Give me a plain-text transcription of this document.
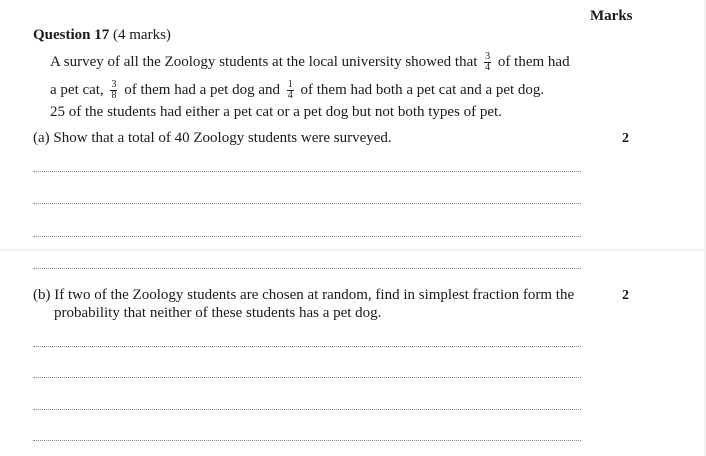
Marks
Question 17 (4 marks)
A survey of all the Zoology students at the local university showed that $\frac{3}{4}$ of them had
a pet cat, $\frac{3}{8}$ of them had a pet dog and $\frac{1}{4}$ of them had both a pet cat and a pet dog.
25 of the students had either a pet cat or a pet dog but not both types of pet.
(a) Show that a total of 40 Zoology students were surveyed.	2
(b) If two of the Zoology students are chosen at random, find in simplest fraction form the
probability that neither of these students has a pet dog.
2
